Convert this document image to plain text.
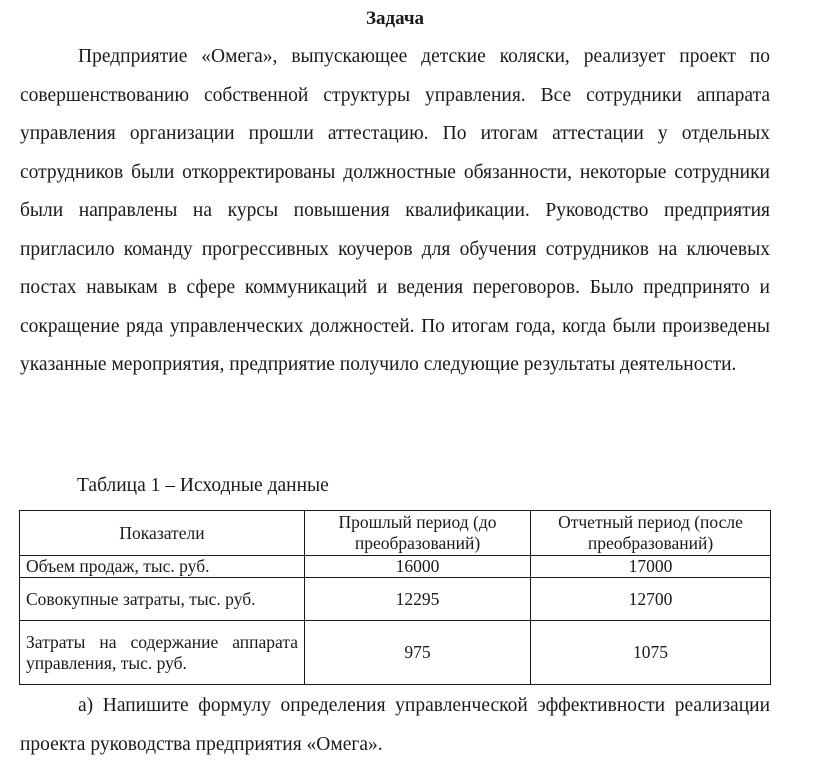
Задача

Предприятие «Омега», выпускающее детские коляски, реализует проект по совершенствованию собственной структуры управления. Все сотрудники аппарата управления организации прошли аттестацию. По итогам аттестации у отдельных сотрудников были откорректированы должностные обязанности, некоторые сотрудники были направлены на курсы повышения квалификации. Руководство предприятия пригласило команду прогрессивных коучеров для обучения сотрудников на ключевых постах навыкам в сфере коммуникаций и ведения переговоров. Было предпринято и сокращение ряда управленческих должностей. По итогам года, когда были произведены указанные мероприятия, предприятие получило следующие результаты деятельности.

Таблица 1 – Исходные данные
Показатели	Прошлый период (до преобразований)	Отчетный период (после преобразований)
Объем продаж, тыс. руб.	16000	17000
Совокупные затраты, тыс. руб.	12295	12700
Затраты на содержание аппарата управления, тыс. руб.	975	1075

а) Напишите формулу определения управленческой эффективности реализации проекта руководства предприятия «Омега».
